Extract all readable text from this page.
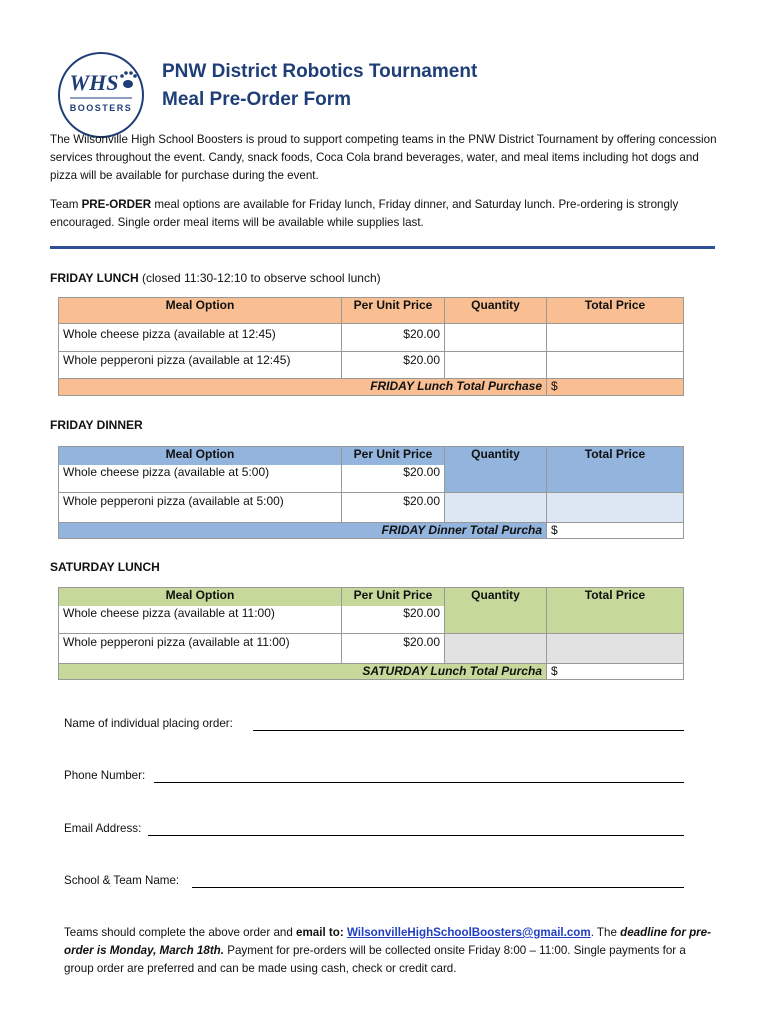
WHS
BOOSTERS
PNW District Robotics Tournament
Meal Pre-Order Form
The Wilsonville High School Boosters is proud to support competing teams in the PNW District Tournament by offering concession services throughout the event. Candy, snack foods, Coca Cola brand beverages, water, and meal items including hot dogs and pizza will be available for purchase during the event.
Team PRE-ORDER meal options are available for Friday lunch, Friday dinner, and Saturday lunch. Pre-ordering is strongly encouraged. Single order meal items will be available while supplies last.
FRIDAY LUNCH (closed 11:30-12:10 to observe school lunch)
Meal Option	Per Unit Price	Quantity	Total Price
Whole cheese pizza (available at 12:45)	$20.00		
Whole pepperoni pizza (available at 12:45)	$20.00		
FRIDAY Lunch Total Purchase			$
FRIDAY DINNER
Meal Option	Per Unit Price	Quantity	Total Price
Whole cheese pizza (available at 5:00)	$20.00		
Whole pepperoni pizza (available at 5:00)	$20.00		
FRIDAY Dinner Total Purcha			$
SATURDAY LUNCH
Meal Option	Per Unit Price	Quantity	Total Price
Whole cheese pizza (available at 11:00)	$20.00		
Whole pepperoni pizza (available at 11:00)	$20.00		
SATURDAY Lunch Total Purcha			$
Name of individual placing order:
Phone Number:
Email Address:
School & Team Name:
Teams should complete the above order and email to: WilsonvilleHighSchoolBoosters@gmail.com. The deadline for pre- order is Monday, March 18th. Payment for pre-orders will be collected onsite Friday 8:00 – 11:00. Single payments for a group order are preferred and can be made using cash, check or credit card.
